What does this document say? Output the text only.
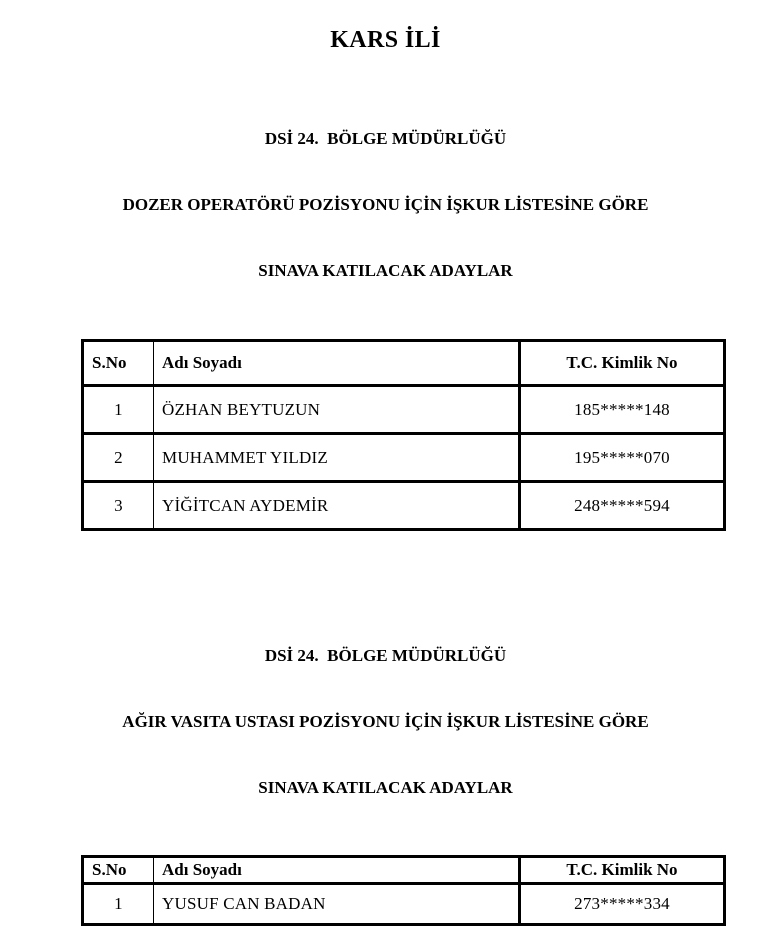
KARS İLİ

DSİ 24.  BÖLGE MÜDÜRLÜĞÜ

DOZER OPERATÖRÜ POZİSYONU İÇİN İŞKUR LİSTESİNE GÖRE

SINAVA KATILACAK ADAYLAR

S.No	Adı Soyadı	T.C. Kimlik No
1	ÖZHAN BEYTUZUN	185*****148
2	MUHAMMET YILDIZ	195*****070
3	YİĞİTCAN AYDEMİR	248*****594

DSİ 24.  BÖLGE MÜDÜRLÜĞÜ

AĞIR VASITA USTASI POZİSYONU İÇİN İŞKUR LİSTESİNE GÖRE

SINAVA KATILACAK ADAYLAR

S.No	Adı Soyadı	T.C. Kimlik No
1	YUSUF CAN BADAN	273*****334
